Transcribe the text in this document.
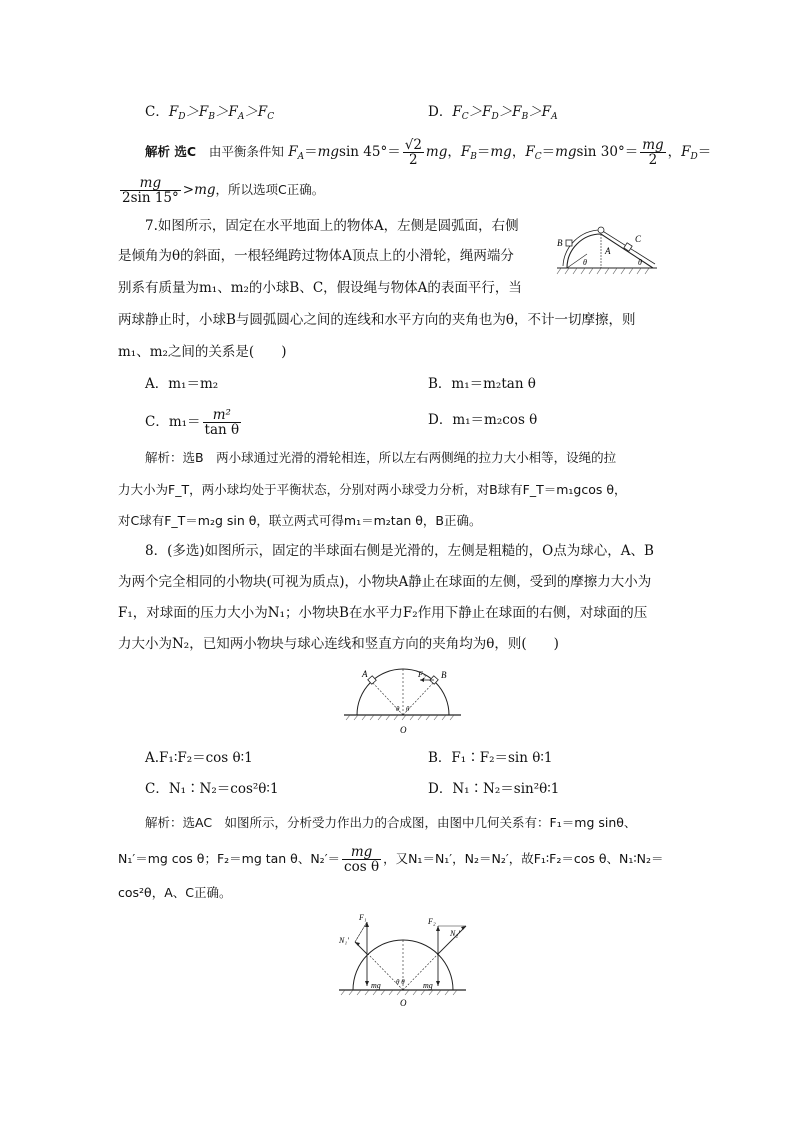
C．$F_D>F_B>F_A>F_C$	D．$F_C>F_D>F_B>F_A$
解析 选C 由平衡条件知 $F_A=mgsin$ $45^\circ= \frac{√2}{2}$ mg，$F_B=mg$，$F_C=mgsin$ $30^\circ= \frac{mg}{2}$ ，$F_D=$
$\frac{mg}{2\sin 15^\circ} >mg$，所以选项C正确。
7.如图所示，固定在水平地面上的物体A，左侧是圆弧面，右侧
是倾角为θ的斜面，一根轻绳跨过物体A顶点上的小滑轮，绳两端分
别系有质量为m₁、m₂的小球B、C，假设绳与物体A的表面平行，当
两球静止时，小球B与圆弧圆心之间的连线和水平方向的夹角也为θ，不计一切摩擦，则
m₁、m₂之间的关系是(　　)
B
A
C
θ	θ
A．m₁＝m₂	B．m₁＝m₂tan θ
C．$m_1= \frac{\text{m²}}{\text{tan θ}}$	D．m₁＝m₂cos θ
解析：选B　两小球通过光滑的滑轮相连，所以左右两侧绳的拉力大小相等，设绳的拉
力大小为F_T，两小球均处于平衡状态，分别对两小球受力分析，对B球有F_T＝m₁gcos θ，
对C球有F_T＝m₂g sin θ，联立两式可得m₁＝m₂tan θ，B正确。
8．(多选)如图所示，固定的半球面右侧是光滑的，左侧是粗糙的，O点为球心，A、B
为两个完全相同的小物块(可视为质点)，小物块A静止在球面的左侧，受到的摩擦力大小为
F₁，对球面的压力大小为N₁；小物块B在水平力F₂作用下静止在球面的右侧，对球面的压
力大小为N₂，已知两小物块与球心连线和竖直方向的夹角均为θ，则(　　)
A	B
F₂
θ θ
O
A.F₁∶F₂＝cos θ∶1	B．F₁∶F₂＝sin θ∶1
C．N₁∶N₂＝cos²θ∶1	D．N₁∶N₂＝sin²θ∶1
解析：选AC　如图所示，分析受力作出力的合成图，由图中几何关系有：F₁＝mg sinθ、
N₁′＝mg cos θ；F₂＝mg tan θ、$N_2'= \frac{mg}{\text{cos θ}}$ ，又N₁＝N₁′，N₂＝N₂′，故F₁∶F₂＝cos θ、N₁∶N₂＝
cos²θ，A、C正确。
F₁
N₁′
F₂
N₂′
mg	mg
θ θ
O
